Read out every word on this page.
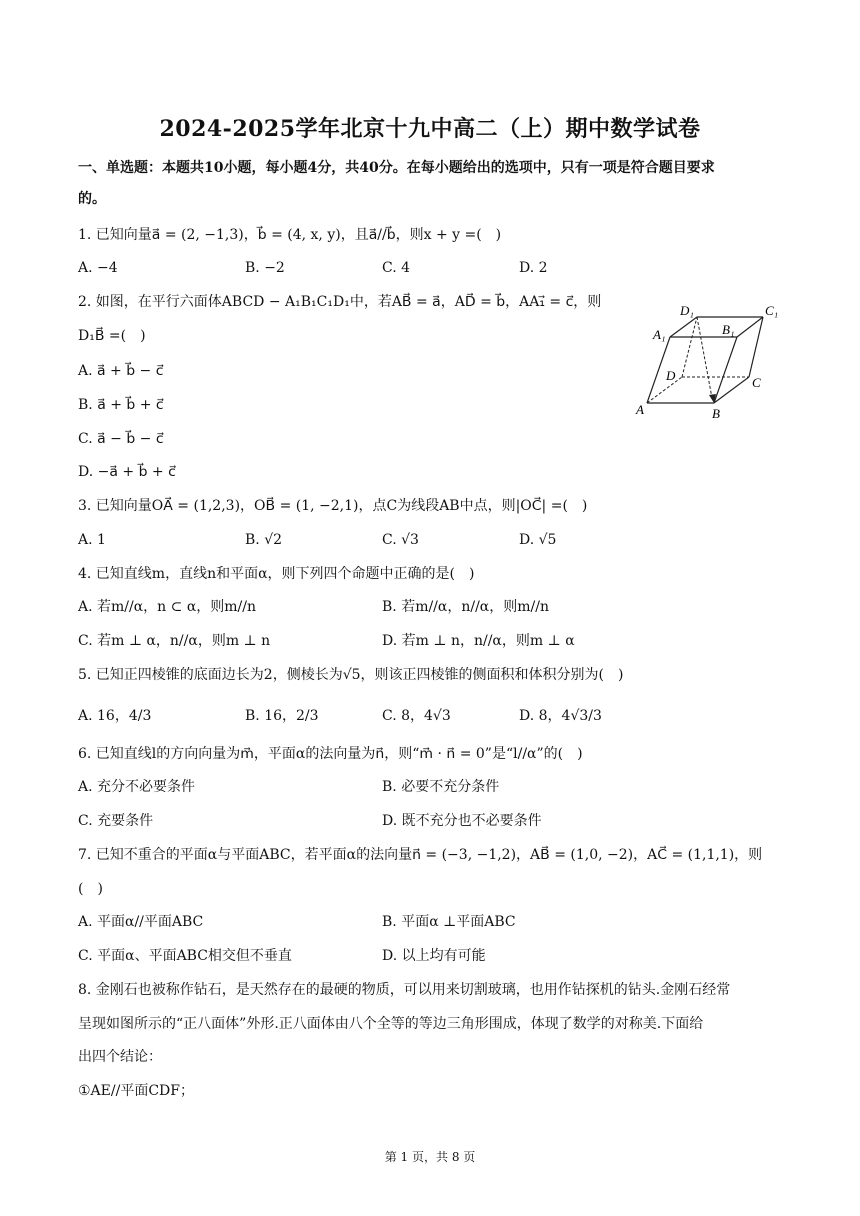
2024-2025学年北京十九中高二（上）期中数学试卷
一、单选题：本题共10小题，每小题4分，共40分。在每小题给出的选项中，只有一项是符合题目要求
的。
1. 已知向量a⃗ = (2, −1,3)，b⃗ = (4, x, y)，且a⃗//b⃗，则x + y =(　)
A. −4	B. −2	C. 4	D. 2
2. 如图，在平行六面体ABCD − A₁B₁C₁D₁中，若AB⃗ = a⃗，AD⃗ = b⃗，AA₁⃗ = c⃗，则
D₁B⃗ =(　)
A. a⃗ + b⃗ − c⃗
B. a⃗ + b⃗ + c⃗
C. a⃗ − b⃗ − c⃗
D. −a⃗ + b⃗ + c⃗
D₁	C₁
A₁	B₁
D	C
A	B
3. 已知向量OA⃗ = (1,2,3)，OB⃗ = (1, −2,1)，点C为线段AB中点，则|OC⃗| =(　)
A. 1	B. √2	C. √3	D. √5
4. 已知直线m，直线n和平面α，则下列四个命题中正确的是(　)
A. 若m//α，n ⊂ α，则m//n	B. 若m//α，n//α，则m//n
C. 若m ⊥ α，n//α，则m ⊥ n	D. 若m ⊥ n，n//α，则m ⊥ α
5. 已知正四棱锥的底面边长为2，侧棱长为√5，则该正四棱锥的侧面积和体积分别为(　)
A. 16，4/3	B. 16，2/3	C. 8，4√3	D. 8，4√3/3
6. 已知直线l的方向向量为m⃗，平面α的法向量为n⃗，则“m⃗ · n⃗ = 0”是“l//α”的(　)
A. 充分不必要条件	B. 必要不充分条件
C. 充要条件	D. 既不充分也不必要条件
7. 已知不重合的平面α与平面ABC，若平面α的法向量n⃗ = (−3, −1,2)，AB⃗ = (1,0, −2)，AC⃗ = (1,1,1)，则
(　)
A. 平面α//平面ABC	B. 平面α ⊥平面ABC
C. 平面α、平面ABC相交但不垂直	D. 以上均有可能
8. 金刚石也被称作钻石，是天然存在的最硬的物质，可以用来切割玻璃，也用作钻探机的钻头.金刚石经常
呈现如图所示的“正八面体”外形.正八面体由八个全等的等边三角形围成，体现了数学的对称美.下面给
出四个结论：
①AE//平面CDF；
第 1 页，共 8 页
